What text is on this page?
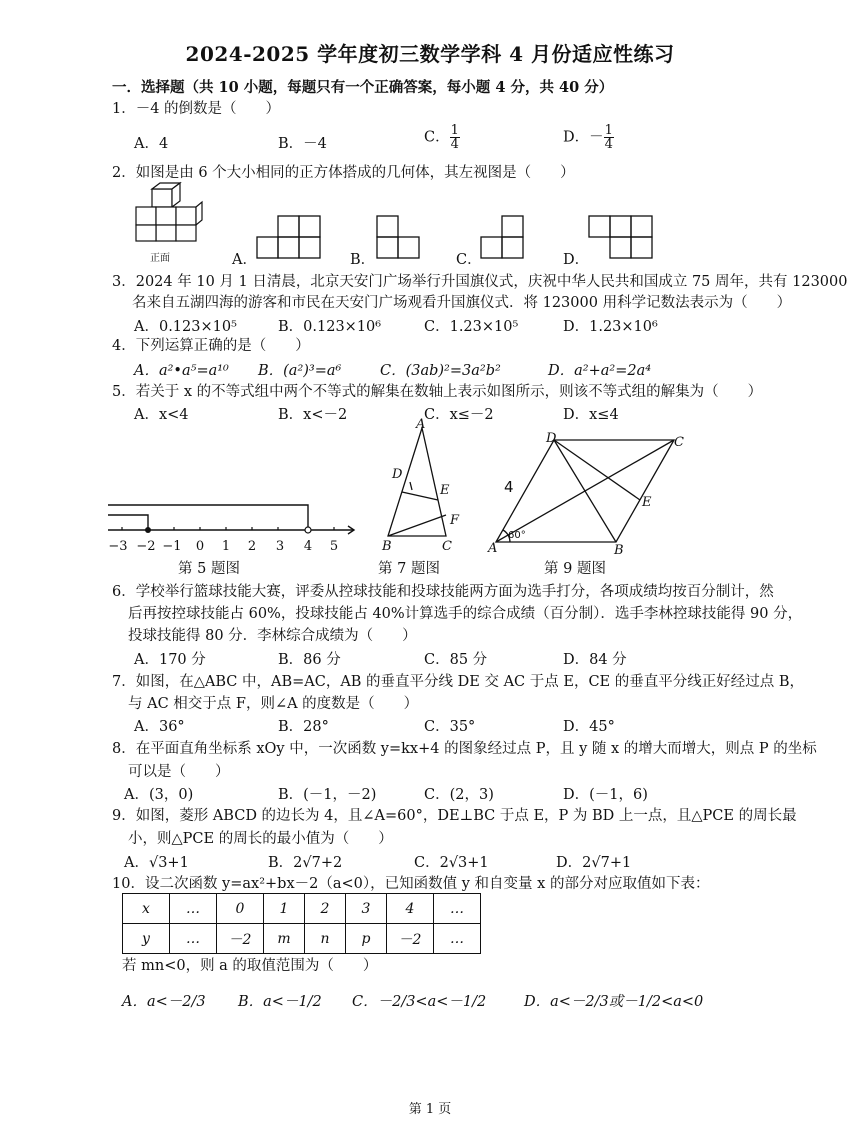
2024-2025 学年度初三数学学科 4 月份适应性练习
一．选择题（共 10 小题，每题只有一个正确答案，每小题 4 分，共 40 分）
1．－4 的倒数是（　　）
A．4	B．－4	C． $\frac{1}{4}$	D．－ $\frac{1}{4}$
2．如图是由 6 个大小相同的正方体搭成的几何体，其左视图是（　　）
正面	A．	B．	C．	D．
3．2024 年 10 月 1 日清晨，北京天安门广场举行升国旗仪式，庆祝中华人民共和国成立 75 周年，共有 123000
名来自五湖四海的游客和市民在天安门广场观看升国旗仪式．将 123000 用科学记数法表示为（　　）
A．0.123×10⁵	B．0.123×10⁶	C．1.23×10⁵	D．1.23×10⁶
4．下列运算正确的是（　　）
A．a²•a⁵=a¹⁰ B．(a²)³=a⁶	C．(3ab)²=3a²b²	D．a²+a²=2a⁴
5．若关于 x 的不等式组中两个不等式的解集在数轴上表示如图所示，则该不等式组的解集为（　　）
A．x<4	B．x<－2	C．x≤－2	D．x≤4
−3 −2 −1 0 1 2 3 4 5
第 5 题图
A
D
E
F
B	C
第 7 题图
D	C
E
A	B
4
60°
第 9 题图
6．学校举行篮球技能大赛，评委从控球技能和投球技能两方面为选手打分，各项成绩均按百分制计，然
后再按控球技能占 60%，投球技能占 40%计算选手的综合成绩（百分制）．选手李林控球技能得 90 分，
投球技能得 80 分．李林综合成绩为（　　）
A．170 分	B．86 分	C．85 分	D．84 分
7．如图，在△ABC 中，AB=AC，AB 的垂直平分线 DE 交 AC 于点 E，CE 的垂直平分线正好经过点 B，
与 AC 相交于点 F，则∠A 的度数是（　　）
A．36°	B．28°	C．35°	D．45°
8．在平面直角坐标系 xOy 中，一次函数 y=kx+4 的图象经过点 P，且 y 随 x 的增大而增大，则点 P 的坐标
可以是（　　）
A．(3，0)	B．(－1，－2)	C．(2，3)	D．(－1，6)
9．如图，菱形 ABCD 的边长为 4，且∠A=60°，DE⊥BC 于点 E，P 为 BD 上一点，且△PCE 的周长最
小，则△PCE 的周长的最小值为（　　）
A．√3+1	B．2√7+2	C．2√3+1	D．2√7+1
10．设二次函数 y=ax²+bx－2（a<0），已知函数值 y 和自变量 x 的部分对应取值如下表：
x	…	0	1	2	3	4	…
y	…	－2	m	n	p	－2	…
若 mn<0，则 a 的取值范围为（　　）
A．a<－2/3 B．a<－1/2 C．－2/3<a<－1/2	D．a<－2/3或－1/2<a<0
第 1 页
